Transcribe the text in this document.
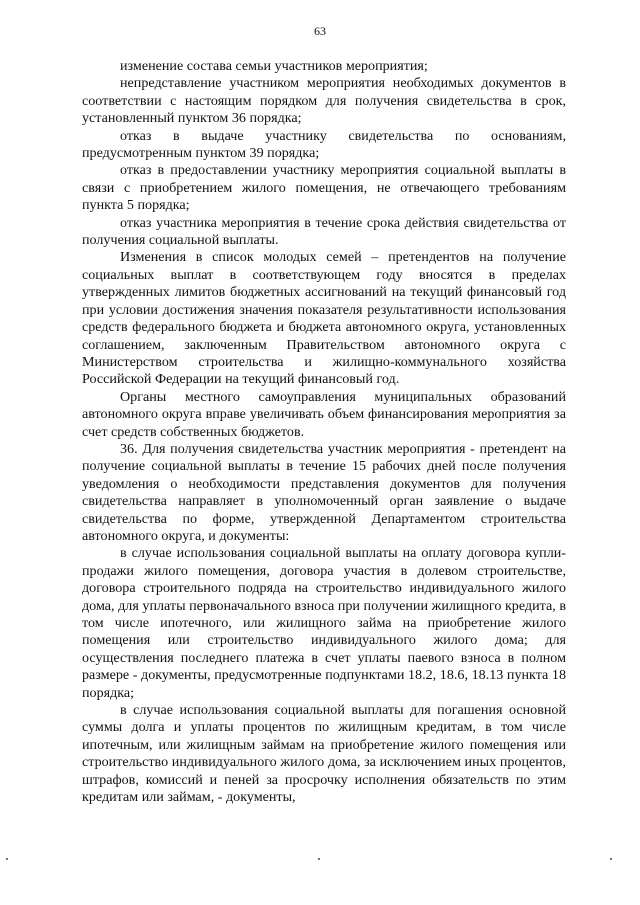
63

изменение состава семьи участников мероприятия;

непредставление участником мероприятия необходимых документов в соответствии с настоящим порядком для получения свидетельства в срок, установленный пунктом 36 порядка;

отказ в выдаче участнику свидетельства по основаниям, предусмотренным пунктом 39 порядка;

отказ в предоставлении участнику мероприятия социальной выплаты в связи с приобретением жилого помещения, не отвечающего требованиям пункта 5 порядка;

отказ участника мероприятия в течение срока действия свидетельства от получения социальной выплаты.

Изменения в список молодых семей – претендентов на получение социальных выплат в соответствующем году вносятся в пределах утвержденных лимитов бюджетных ассигнований на текущий финансовый год при условии достижения значения показателя результативности использования средств федерального бюджета и бюджета автономного округа, установленных соглашением, заключенным Правительством автономного округа с Министерством строительства и жилищно-коммунального хозяйства Российской Федерации на текущий финансовый год.

Органы местного самоуправления муниципальных образований автономного округа вправе увеличивать объем финансирования мероприятия за счет средств собственных бюджетов.

36. Для получения свидетельства участник мероприятия - претендент на получение социальной выплаты в течение 15 рабочих дней после получения уведомления о необходимости представления документов для получения свидетельства направляет в уполномоченный орган заявление о выдаче свидетельства по форме, утвержденной Департаментом строительства автономного округа, и документы:

в случае использования социальной выплаты на оплату договора купли-продажи жилого помещения, договора участия в долевом строительстве, договора строительного подряда на строительство индивидуального жилого дома, для уплаты первоначального взноса при получении жилищного кредита, в том числе ипотечного, или жилищного займа на приобретение жилого помещения или строительство индивидуального жилого дома; для осуществления последнего платежа в счет уплаты паевого взноса в полном размере - документы, предусмотренные подпунктами 18.2, 18.6, 18.13 пункта 18 порядка;

в случае использования социальной выплаты для погашения основной суммы долга и уплаты процентов по жилищным кредитам, в том числе ипотечным, или жилищным займам на приобретение жилого помещения или строительство индивидуального жилого дома, за исключением иных процентов, штрафов, комиссий и пеней за просрочку исполнения обязательств по этим кредитам или займам, - документы,
